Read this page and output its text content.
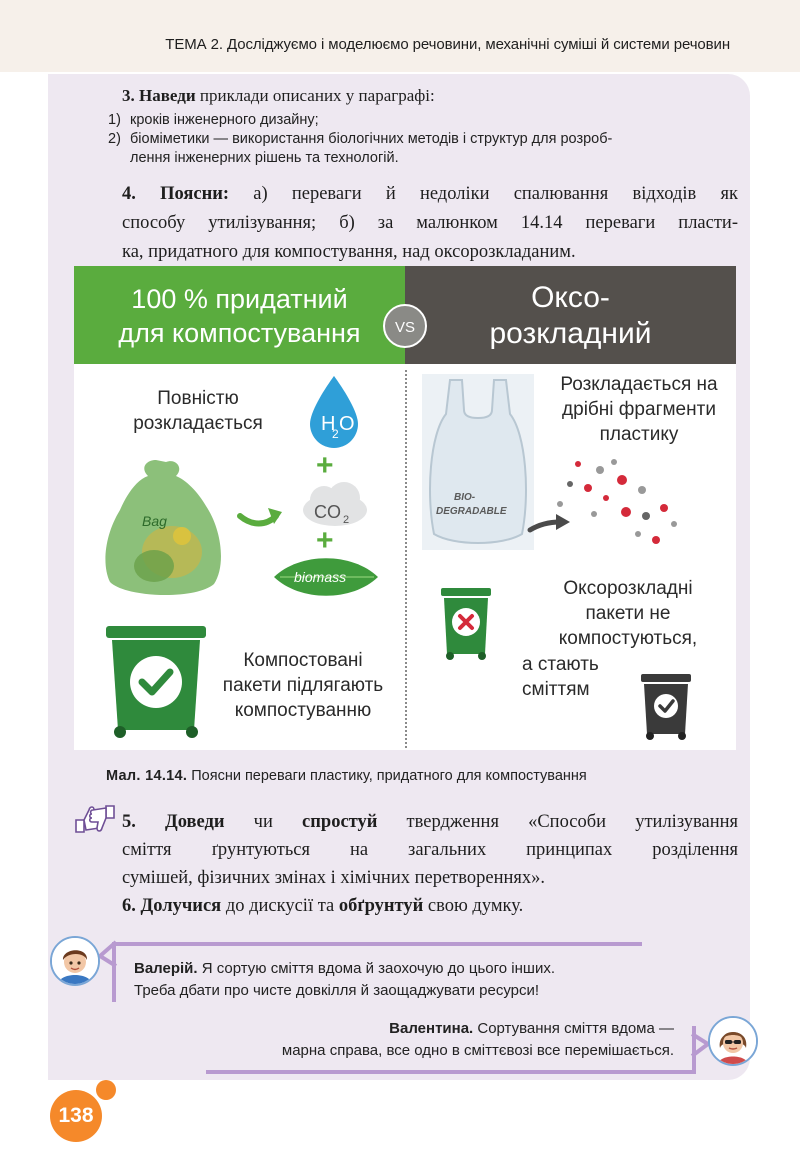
ТЕМА 2. Досліджуємо і моделюємо речовини, механічні суміші й системи речовин
3. Наведи приклади описаних у параграфі:
1) кроків інженерного дизайну;
2) біоміметики — використання біологічних методів і структур для розроб-
лення інженерних рішень та технологій.
4. Поясни: а) переваги й недоліки спалювання відходів як
способу утилізування; б) за малюнком 14.14 переваги пласти-
ка, придатного для компостування, над оксорозкладаним.
100 % придатний
для компостування
Оксо-
розкладний
VS
Повністю
розкладається	H
2 O
+
CO 2
+
biomass
Bag
Компостовані
пакети підлягають
компостуванню
BIO-
DEGRADABLE
Розкладається на
дрібні фрагменти
пластику
Оксорозкладні
пакети не
компостуються,
а стають
сміттям
Мал. 14.14. Поясни переваги пластику, придатного для компостування
5. Доведи чи спростуй твердження «Способи утилізування
сміття ґрунтуються на загальних принципах розділення
сумішей, фізичних змінах і хімічних перетвореннях».
6. Долучися до дискусії та обґрунтуй свою думку.
Валерій. Я сортую сміття вдома й заохочую до цього інших.
Треба дбати про чисте довкілля й заощаджувати ресурси!
Валентина. Сортування сміття вдома —
марна справа, все одно в сміттєвозі все перемішається.
138
